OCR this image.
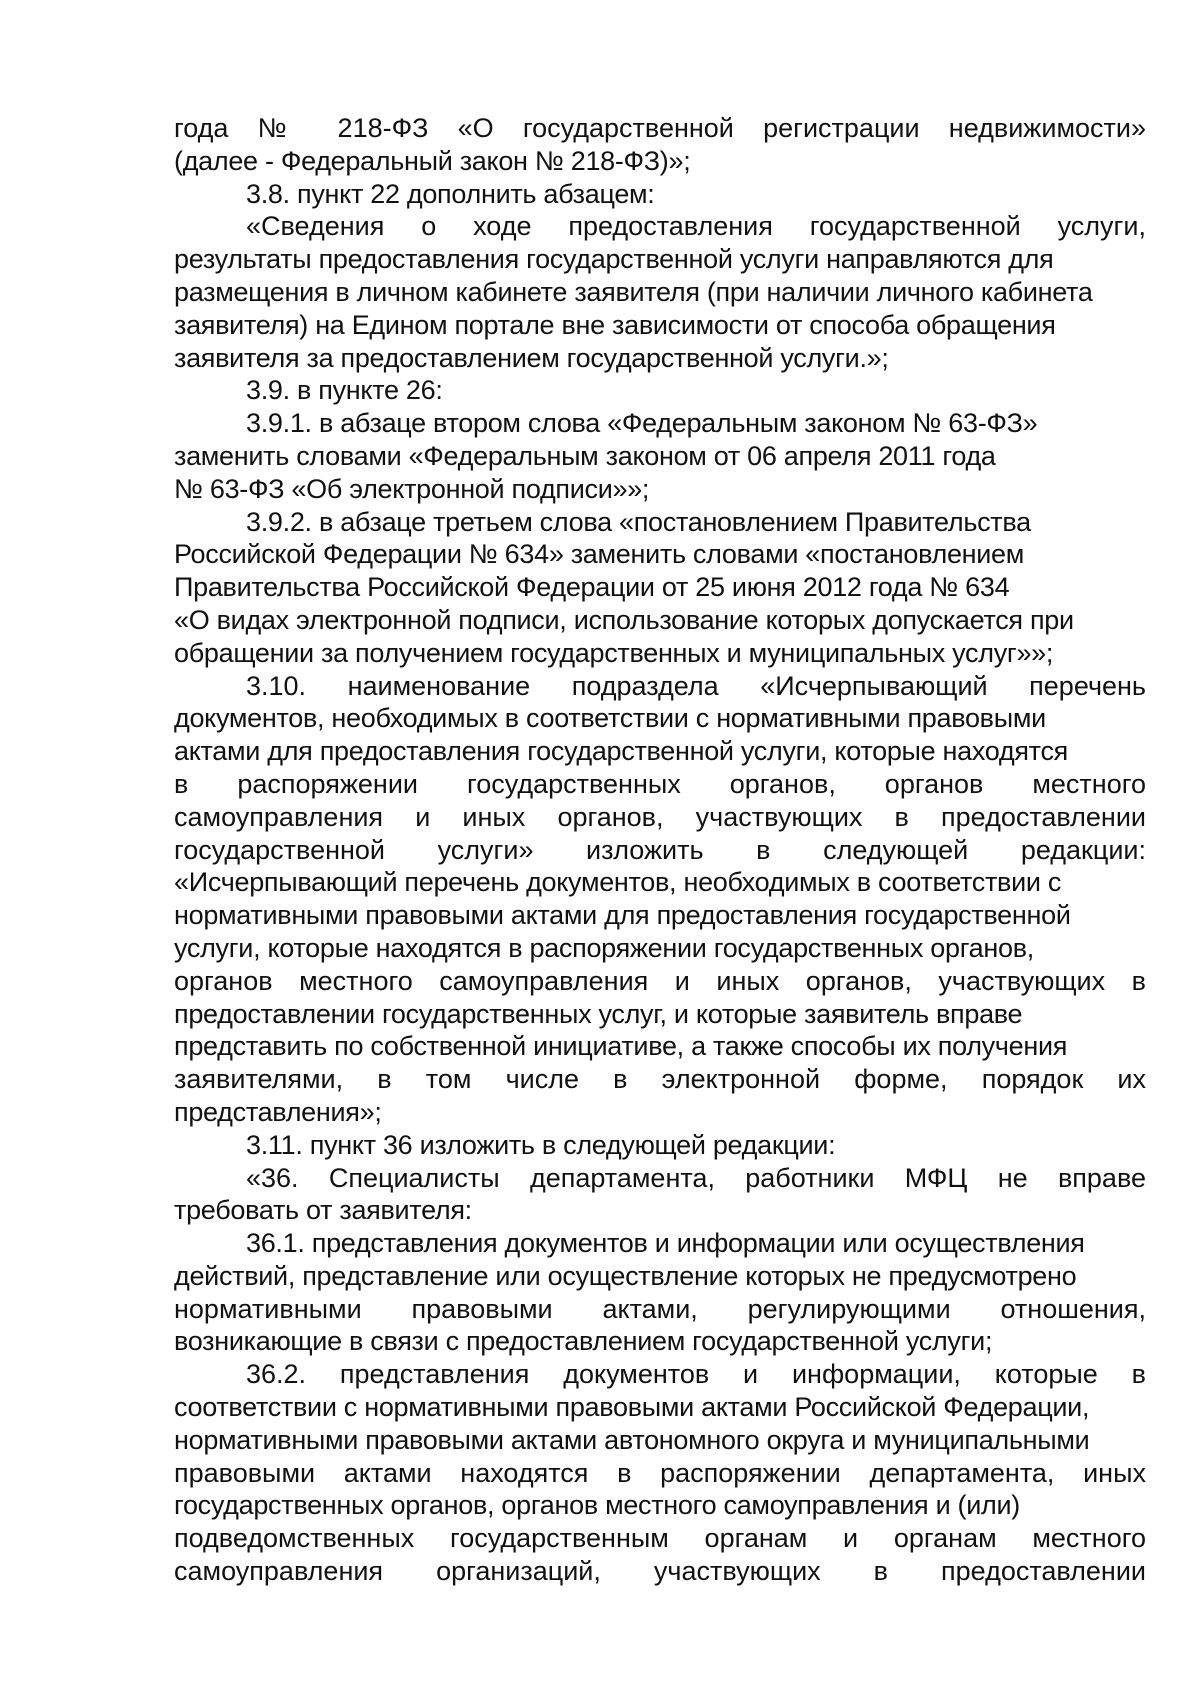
года № 218-ФЗ «О государственной регистрации недвижимости»
(далее - Федеральный закон № 218-ФЗ)»;
3.8. пункт 22 дополнить абзацем:
«Сведения о ходе предоставления государственной услуги,
результаты предоставления государственной услуги направляются для
размещения в личном кабинете заявителя (при наличии личного кабинета
заявителя) на Едином портале вне зависимости от способа обращения
заявителя за предоставлением государственной услуги.»;
3.9. в пункте 26:
3.9.1. в абзаце втором слова «Федеральным законом № 63-ФЗ»
заменить словами «Федеральным законом от 06 апреля 2011 года
№ 63-ФЗ «Об электронной подписи»»;
3.9.2. в абзаце третьем слова «постановлением Правительства
Российской Федерации № 634» заменить словами «постановлением
Правительства Российской Федерации от 25 июня 2012 года № 634
«О видах электронной подписи, использование которых допускается при
обращении за получением государственных и муниципальных услуг»»;
3.10. наименование подраздела «Исчерпывающий перечень
документов, необходимых в соответствии с нормативными правовыми
актами для предоставления государственной услуги, которые находятся
в распоряжении государственных органов, органов местного
самоуправления и иных органов, участвующих в предоставлении
государственной услуги» изложить в следующей редакции:
«Исчерпывающий перечень документов, необходимых в соответствии с
нормативными правовыми актами для предоставления государственной
услуги, которые находятся в распоряжении государственных органов,
органов местного самоуправления и иных органов, участвующих в
предоставлении государственных услуг, и которые заявитель вправе
представить по собственной инициативе, а также способы их получения
заявителями, в том числе в электронной форме, порядок их
представления»;
3.11. пункт 36 изложить в следующей редакции:
«36. Специалисты департамента, работники МФЦ не вправе
требовать от заявителя:
36.1. представления документов и информации или осуществления
действий, представление или осуществление которых не предусмотрено
нормативными правовыми актами, регулирующими отношения,
возникающие в связи с предоставлением государственной услуги;
36.2. представления документов и информации, которые в
соответствии с нормативными правовыми актами Российской Федерации,
нормативными правовыми актами автономного округа и муниципальными
правовыми актами находятся в распоряжении департамента, иных
государственных органов, органов местного самоуправления и (или)
подведомственных государственным органам и органам местного
самоуправления организаций, участвующих в предоставлении
